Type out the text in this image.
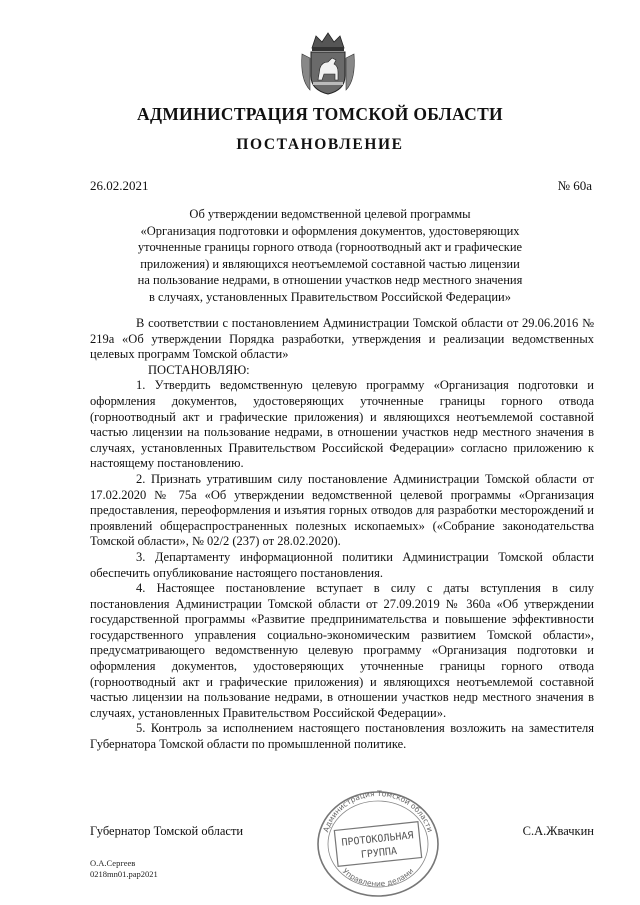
АДМИНИСТРАЦИЯ ТОМСКОЙ ОБЛАСТИ
ПОСТАНОВЛЕНИЕ
26.02.2021	№ 60а
Об утверждении ведомственной целевой программы
«Организация подготовки и оформления документов, удостоверяющих
уточненные границы горного отвода (горноотводный акт и графические
приложения) и являющихся неотъемлемой составной частью лицензии
на пользование недрами, в отношении участков недр местного значения
в случаях, установленных Правительством Российской Федерации»

В соответствии с постановлением Администрации Томской области от 29.06.2016 № 219а «Об утверждении Порядка разработки, утверждения и реализации ведомственных целевых программ Томской области»

ПОСТАНОВЛЯЮ:

1. Утвердить ведомственную целевую программу «Организация подготовки и оформления документов, удостоверяющих уточненные границы горного отвода (горноотводный акт и графические приложения) и являющихся неотъемлемой составной частью лицензии на пользование недрами, в отношении участков недр местного значения в случаях, установленных Правительством Российской Федерации» согласно приложению к настоящему постановлению.

2. Признать утратившим силу постановление Администрации Томской области от 17.02.2020 № 75а «Об утверждении ведомственной целевой программы «Организация предоставления, переоформления и изъятия горных отводов для разработки месторождений и проявлений общераспространенных полезных ископаемых» («Собрание законодательства Томской области», № 02/2 (237) от 28.02.2020).

3. Департаменту информационной политики Администрации Томской области обеспечить опубликование настоящего постановления.

4. Настоящее постановление вступает в силу с даты вступления в силу постановления Администрации Томской области от 27.09.2019 № 360а «Об утверждении государственной программы «Развитие предпринимательства и повышение эффективности государственного управления социально-экономическим развитием Томской области», предусматривающего ведомственную целевую программу «Организация подготовки и оформления документов, удостоверяющих уточненные границы горного отвода (горноотводный акт и графические приложения) и являющихся неотъемлемой составной частью лицензии на пользование недрами, в отношении участков недр местного значения в случаях, установленных Правительством Российской Федерации».

5. Контроль за исполнением настоящего постановления возложить на заместителя Губернатора Томской области по промышленной политике.

Администрация Томской области
Управление делами
ПРОТОКОЛЬНАЯ
ГРУППА
Губернатор Томской области	С.А.Жвачкин
О.А.Сергеев
0218mn01.pap2021
